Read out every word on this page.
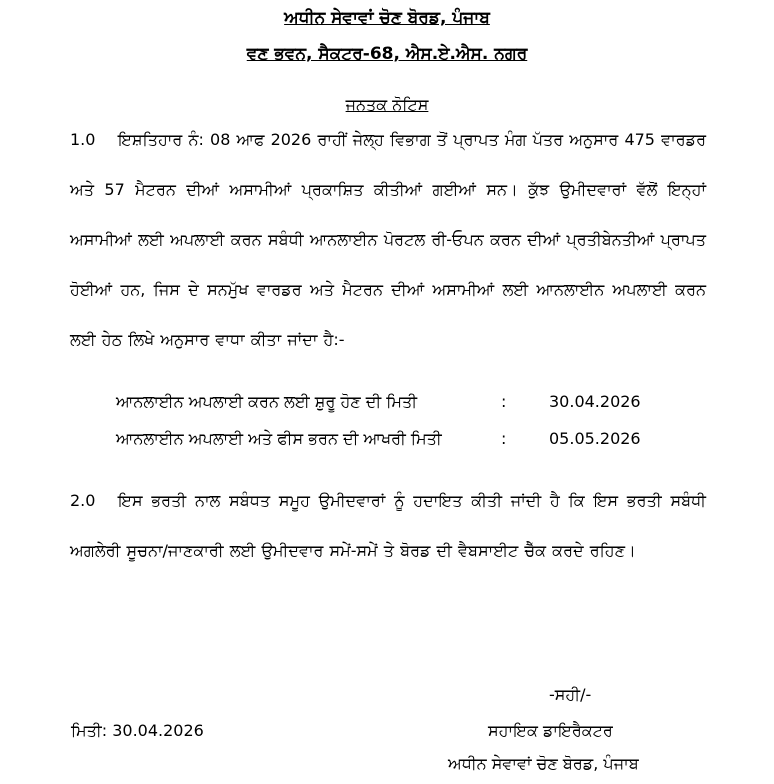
ਅਧੀਨ ਸੇਵਾਵਾਂ ਚੋਣ ਬੋਰਡ, ਪੰਜਾਬ
ਵਣ ਭਵਨ, ਸੈਕਟਰ-68, ਐਸ.ਏ.ਐਸ. ਨਗਰ
ਜਨਤਕ ਨੋਟਿਸ
1.0 ਇਸ਼ਤਿਹਾਰ ਨੰ: 08 ਆਫ 2026 ਰਾਹੀਂ ਜੇਲ੍ਹ ਵਿਭਾਗ ਤੋਂ ਪ੍ਰਾਪਤ ਮੰਗ ਪੱਤਰ ਅਨੁਸਾਰ 475 ਵਾਰਡਰ ਅਤੇ 57 ਮੈਟਰਨ ਦੀਆਂ ਅਸਾਮੀਆਂ ਪ੍ਰਕਾਸ਼ਿਤ ਕੀਤੀਆਂ ਗਈਆਂ ਸਨ। ਕੁੱਝ ਉਮੀਦਵਾਰਾਂ ਵੱਲੋਂ ਇਨ੍ਹਾਂ ਅਸਾਮੀਆਂ ਲਈ ਅਪਲਾਈ ਕਰਨ ਸਬੰਧੀ ਆਨਲਾਈਨ ਪੋਰਟਲ ਰੀ-ਓਪਨ ਕਰਨ ਦੀਆਂ ਪ੍ਰਤੀਬੇਨਤੀਆਂ ਪ੍ਰਾਪਤ ਹੋਈਆਂ ਹਨ, ਜਿਸ ਦੇ ਸਨਮੁੱਖ ਵਾਰਡਰ ਅਤੇ ਮੈਟਰਨ ਦੀਆਂ ਅਸਾਮੀਆਂ ਲਈ ਆਨਲਾਈਨ ਅਪਲਾਈ ਕਰਨ ਲਈ ਹੇਠ ਲਿਖੇ ਅਨੁਸਾਰ ਵਾਧਾ ਕੀਤਾ ਜਾਂਦਾ ਹੈ:-
ਆਨਲਾਈਨ ਅਪਲਾਈ ਕਰਨ ਲਈ ਸ਼ੁਰੂ ਹੋਣ ਦੀ ਮਿਤੀ	:	30.04.2026
ਆਨਲਾਈਨ ਅਪਲਾਈ ਅਤੇ ਫੀਸ ਭਰਨ ਦੀ ਆਖਰੀ ਮਿਤੀ	:	05.05.2026
2.0 ਇਸ ਭਰਤੀ ਨਾਲ ਸਬੰਧਤ ਸਮੂਹ ਉਮੀਦਵਾਰਾਂ ਨੂੰ ਹਦਾਇਤ ਕੀਤੀ ਜਾਂਦੀ ਹੈ ਕਿ ਇਸ ਭਰਤੀ ਸਬੰਧੀ ਅਗਲੇਰੀ ਸੂਚਨਾ/ਜਾਣਕਾਰੀ ਲਈ ਉਮੀਦਵਾਰ ਸਮੇਂ-ਸਮੇਂ ਤੇ ਬੋਰਡ ਦੀ ਵੈਬਸਾਈਟ ਚੈੱਕ ਕਰਦੇ ਰਹਿਣ।
-ਸਹੀ/-
ਮਿਤੀ: 30.04.2026	ਸਹਾਇਕ ਡਾਇਰੈਕਟਰ
ਅਧੀਨ ਸੇਵਾਵਾਂ ਚੋਣ ਬੋਰਡ, ਪੰਜਾਬ
